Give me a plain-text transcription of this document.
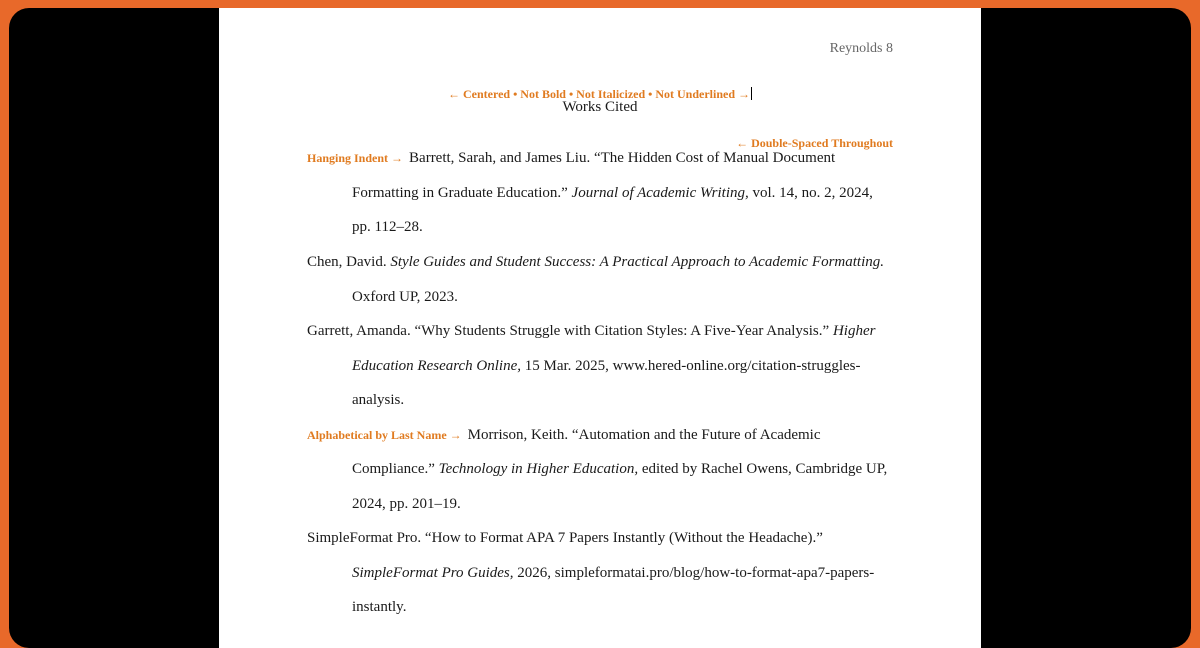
Reynolds 8
← Centered • Not Bold • Not Italicized • Not Underlined →
Works Cited
← Double-Spaced Throughout
Hanging Indent → Barrett, Sarah, and James Liu. “The Hidden Cost of Manual Document
Formatting in Graduate Education.” Journal of Academic Writing, vol. 14, no. 2, 2024,
pp. 112–28.
Chen, David. Style Guides and Student Success: A Practical Approach to Academic Formatting.
Oxford UP, 2023.
Garrett, Amanda. “Why Students Struggle with Citation Styles: A Five-Year Analysis.” Higher
Education Research Online, 15 Mar. 2025, www.hered-online.org/citation-struggles-
analysis.
Alphabetical by Last Name → Morrison, Keith. “Automation and the Future of Academic
Compliance.” Technology in Higher Education, edited by Rachel Owens, Cambridge UP,
2024, pp. 201–19.
SimpleFormat Pro. “How to Format APA 7 Papers Instantly (Without the Headache).”
SimpleFormat Pro Guides, 2026, simpleformatai.pro/blog/how-to-format-apa7-papers-
instantly.
